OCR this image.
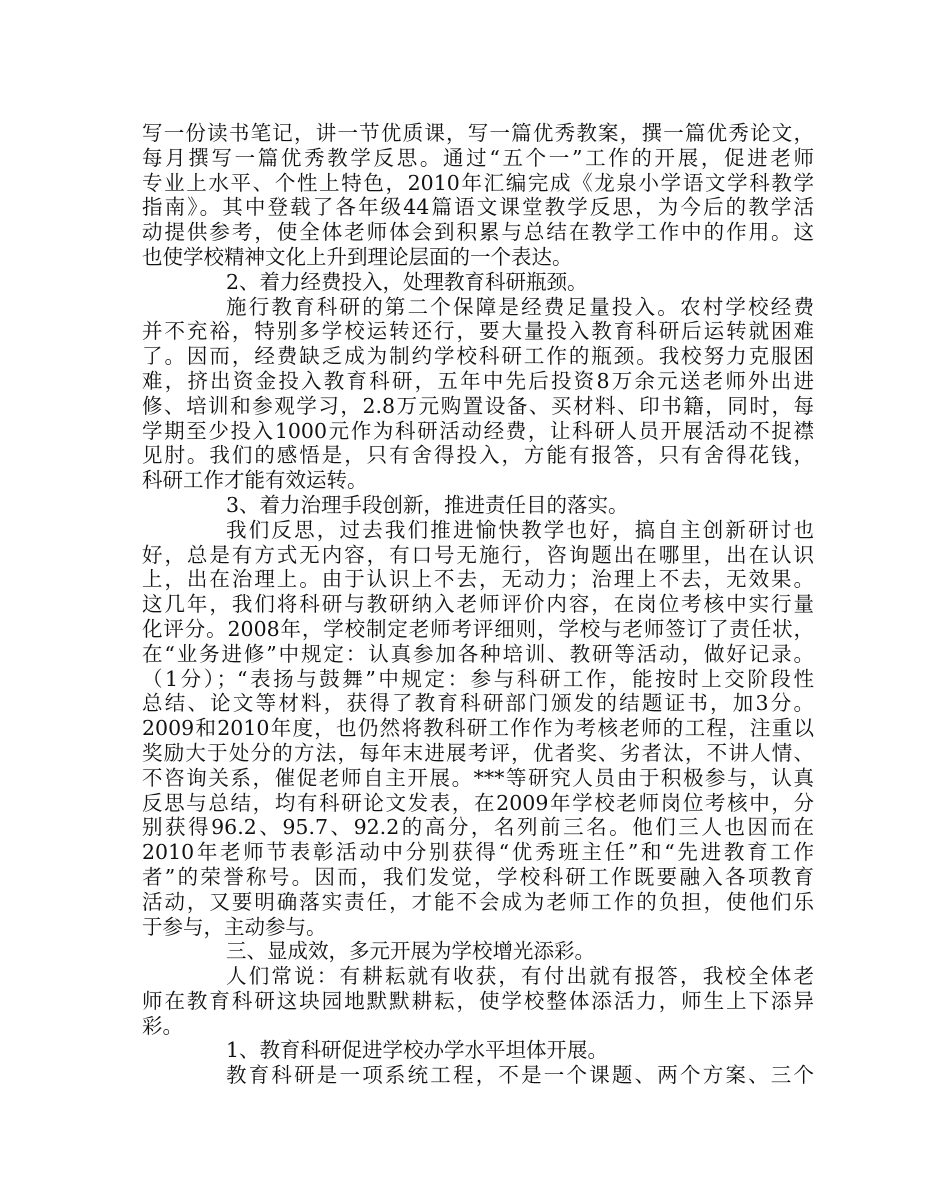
写一份读书笔记，讲一节优质课，写一篇优秀教案，撰一篇优秀论文，
每月撰写一篇优秀教学反思。通过“五个一”工作的开展，促进老师
专业上水平、个性上特色，2010年汇编完成《龙泉小学语文学科教学
指南》。其中登载了各年级44篇语文课堂教学反思，为今后的教学活
动提供参考，使全体老师体会到积累与总结在教学工作中的作用。这
也使学校精神文化上升到理论层面的一个表达。
2、着力经费投入，处理教育科研瓶颈。
施行教育科研的第二个保障是经费足量投入。农村学校经费
并不充裕，特别多学校运转还行，要大量投入教育科研后运转就困难
了。因而，经费缺乏成为制约学校科研工作的瓶颈。我校努力克服困
难，挤出资金投入教育科研，五年中先后投资8万余元送老师外出进
修、培训和参观学习，2.8万元购置设备、买材料、印书籍，同时，每
学期至少投入1000元作为科研活动经费，让科研人员开展活动不捉襟
见肘。我们的感悟是，只有舍得投入，方能有报答，只有舍得花钱，
科研工作才能有效运转。
3、着力治理手段创新，推进责任目的落实。
我们反思，过去我们推进愉快教学也好，搞自主创新研讨也
好，总是有方式无内容，有口号无施行，咨询题出在哪里，出在认识
上，出在治理上。由于认识上不去，无动力；治理上不去，无效果。
这几年，我们将科研与教研纳入老师评价内容，在岗位考核中实行量
化评分。2008年，学校制定老师考评细则，学校与老师签订了责任状，
在“业务进修”中规定：认真参加各种培训、教研等活动，做好记录。
（1分）；“表扬与鼓舞”中规定：参与科研工作，能按时上交阶段性
总结、论文等材料，获得了教育科研部门颁发的结题证书，加3分。
2009和2010年度，也仍然将教科研工作作为考核老师的工程，注重以
奖励大于处分的方法，每年末进展考评，优者奖、劣者汰，不讲人情、
不咨询关系，催促老师自主开展。***等研究人员由于积极参与，认真
反思与总结，均有科研论文发表，在2009年学校老师岗位考核中，分
别获得96.2、95.7、92.2的高分，名列前三名。他们三人也因而在
2010年老师节表彰活动中分别获得“优秀班主任”和“先进教育工作
者”的荣誉称号。因而，我们发觉，学校科研工作既要融入各项教育
活动，又要明确落实责任，才能不会成为老师工作的负担，使他们乐
于参与，主动参与。
三、显成效，多元开展为学校增光添彩。
人们常说：有耕耘就有收获，有付出就有报答，我校全体老
师在教育科研这块园地默默耕耘，使学校整体添活力，师生上下添异
彩。
1、教育科研促进学校办学水平坦体开展。
教育科研是一项系统工程，不是一个课题、两个方案、三个
